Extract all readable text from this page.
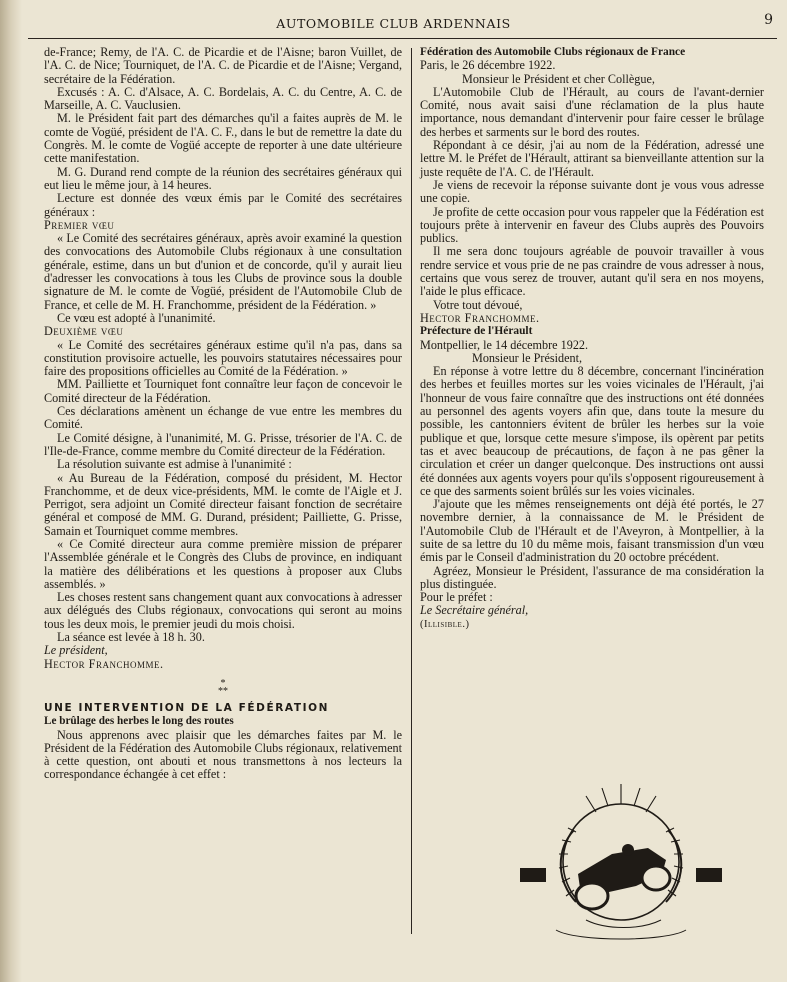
AUTOMOBILE CLUB ARDENNAIS	9

de-France; Remy, de l'A. C. de Picardie et de l'Aisne; baron Vuillet, de l'A. C. de Nice; Tourniquet, de l'A. C. de Picardie et de l'Aisne; Vergand, secrétaire de la Fédération.

Excusés : A. C. d'Alsace, A. C. Bordelais, A. C. du Centre, A. C. de Marseille, A. C. Vauclusien.

M. le Président fait part des démarches qu'il a faites auprès de M. le comte de Vogüé, président de l'A. C. F., dans le but de remettre la date du Congrès. M. le comte de Vogüé accepte de reporter à une date ultérieure cette manifestation.

M. G. Durand rend compte de la réunion des secrétaires généraux qui eut lieu le même jour, à 14 heures.

Lecture est donnée des vœux émis par le Comité des secrétaires généraux :

Premier vœu

« Le Comité des secrétaires généraux, après avoir examiné la question des convocations des Automobile Clubs régionaux à une consultation générale, estime, dans un but d'union et de concorde, qu'il y aurait lieu d'adresser les convocations à tous les Clubs de province sous la double signature de M. le comte de Vogüé, président de l'Automobile Club de France, et celle de M. H. Franchomme, président de la Fédération. »

Ce vœu est adopté à l'unanimité.

Deuxième vœu

« Le Comité des secrétaires généraux estime qu'il n'a pas, dans sa constitution provisoire actuelle, les pouvoirs statutaires nécessaires pour faire des propositions officielles au Comité de la Fédération. »

MM. Pailliette et Tourniquet font connaître leur façon de concevoir le Comité directeur de la Fédération.

Ces déclarations amènent un échange de vue entre les membres du Comité.

Le Comité désigne, à l'unanimité, M. G. Prisse, trésorier de l'A. C. de l'Ile-de-France, comme membre du Comité directeur de la Fédération.

La résolution suivante est admise à l'unanimité :

« Au Bureau de la Fédération, composé du président, M. Hector Franchomme, et de deux vice-présidents, MM. le comte de l'Aigle et J. Perrigot, sera adjoint un Comité directeur faisant fonction de secrétaire général et composé de MM. G. Durand, président; Pailliette, G. Prisse, Samain et Tourniquet comme membres.

« Ce Comité directeur aura comme première mission de préparer l'Assemblée générale et le Congrès des Clubs de province, en indiquant la matière des délibérations et les questions à proposer aux Clubs assemblés. »

Les choses restent sans changement quant aux convocations à adresser aux délégués des Clubs régionaux, convocations qui seront au moins tous les deux mois, le premier jeudi du mois choisi.

La séance est levée à 18 h. 30.

Le président,

Hector Franchomme.

*
**

UNE INTERVENTION DE LA FÉDÉRATION

Le brûlage des herbes le long des routes

Nous apprenons avec plaisir que les démarches faites par M. le Président de la Fédération des Automobile Clubs régionaux, relativement à cette question, ont abouti et nous transmettons à nos lecteurs la correspondance échangée à cet effet :

Fédération des Automobile Clubs régionaux de France

Paris, le 26 décembre 1922.

Monsieur le Président et cher Collègue,

L'Automobile Club de l'Hérault, au cours de l'avant-dernier Comité, nous avait saisi d'une réclamation de la plus haute importance, nous demandant d'intervenir pour faire cesser le brûlage des herbes et sarments sur le bord des routes.

Répondant à ce désir, j'ai au nom de la Fédération, adressé une lettre M. le Préfet de l'Hérault, attirant sa bienveillante attention sur la juste requête de l'A. C. de l'Hérault.

Je viens de recevoir la réponse suivante dont je vous vous adresse une copie.

Je profite de cette occasion pour vous rappeler que la Fédération est toujours prête à intervenir en faveur des Clubs auprès des Pouvoirs publics.

Il me sera donc toujours agréable de pouvoir travailler à vous rendre service et vous prie de ne pas craindre de vous adresser à nous, certains que vous serez de trouver, autant qu'il sera en nos moyens, l'aide le plus efficace.

Votre tout dévoué,

Hector Franchomme.

Préfecture de l'Hérault

Montpellier, le 14 décembre 1922.

Monsieur le Président,

En réponse à votre lettre du 8 décembre, concernant l'incinération des herbes et feuilles mortes sur les voies vicinales de l'Hérault, j'ai l'honneur de vous faire connaître que des instructions ont été données au personnel des agents voyers afin que, dans toute la mesure du possible, les cantonniers évitent de brûler les herbes sur la voie publique et que, lorsque cette mesure s'impose, ils opèrent par petits tas et avec beaucoup de précautions, de façon à ne pas gêner la circulation et créer un danger quelconque. Des instructions ont aussi été données aux agents voyers pour qu'ils s'opposent rigoureusement à ce que des sarments soient brûlés sur les voies vicinales.

J'ajoute que les mêmes renseignements ont déjà été portés, le 27 novembre dernier, à la connaissance de M. le Président de l'Automobile Club de l'Hérault et de l'Aveyron, à Montpellier, à la suite de sa lettre du 10 du même mois, faisant transmission d'un vœu émis par le Conseil d'administration du 20 octobre précédent.

Agréez, Monsieur le Président, l'assurance de ma considération la plus distinguée.

Pour le préfet :

Le Secrétaire général,

(Illisible.)
